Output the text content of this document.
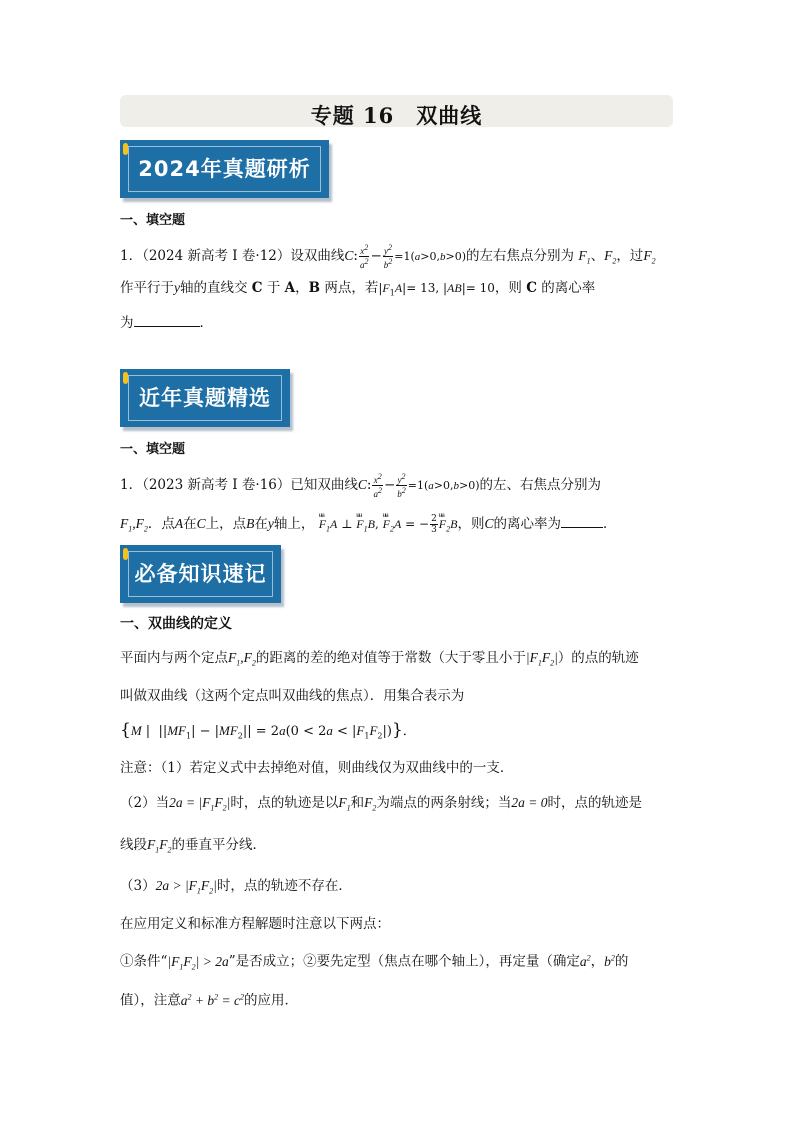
专题 16　双曲线
2024年真题研析
一、填空题
1．（2024 新高考 I 卷·12）设双曲线C: $\frac{x^2}{a^2} - \frac{y^2}{b^2} =1(a>0,b>0)$的左右焦点分别为 $F_1$、$F_2$，过$F_2$
作平行于y轴的直线交 C 于 A，B 两点，若$|F_1A|= 13$, |AB|= 10，则 C 的离心率
为	．
近年真题精选
一、填空题
1．（2023 新高考 I 卷·16）已知双曲线C: $\frac{x^2}{a^2} - \frac{y^2}{b^2} =1(a>0,b>0)$的左、右焦点分别为
$F_1,F_2$．点A在C上，点B在y轴上， ʉʉ $F_1A$ ⊥ ʉʉ $F_1B$, ʉʉ $F_2A$ = − $\frac{2}{3}$ ʉʉ $F_2B$，则C的离心率为	．
必备知识速记
一、双曲线的定义
平面内与两个定点$F_1,F_2$的距离的差的绝对值等于常数（大于零且小于$|F_1F_2|$）的点的轨迹
叫做双曲线（这两个定点叫双曲线的焦点）．用集合表示为
{M |  $||MF_1| - |MF_2|| = 2a(0 < 2a < |F_1F_2|)$}．
注意：（1）若定义式中去掉绝对值，则曲线仅为双曲线中的一支．
（2）当$2a = |F_1F_2|$时，点的轨迹是以$F_1$和$F_2$为端点的两条射线；当2a = 0时，点的轨迹是
线段$F_1F_2$的垂直平分线．
$(3)2a > |F_1F_2|$时，点的轨迹不存在．
在应用定义和标准方程解题时注意以下两点：
①条件“$|F_1F_2| > 2a$”是否成立；②要先定型（焦点在哪个轴上），再定量（确定$a^2$，$b^2$的
值），注意$a^2 + b^2 = c^2$的应用．
